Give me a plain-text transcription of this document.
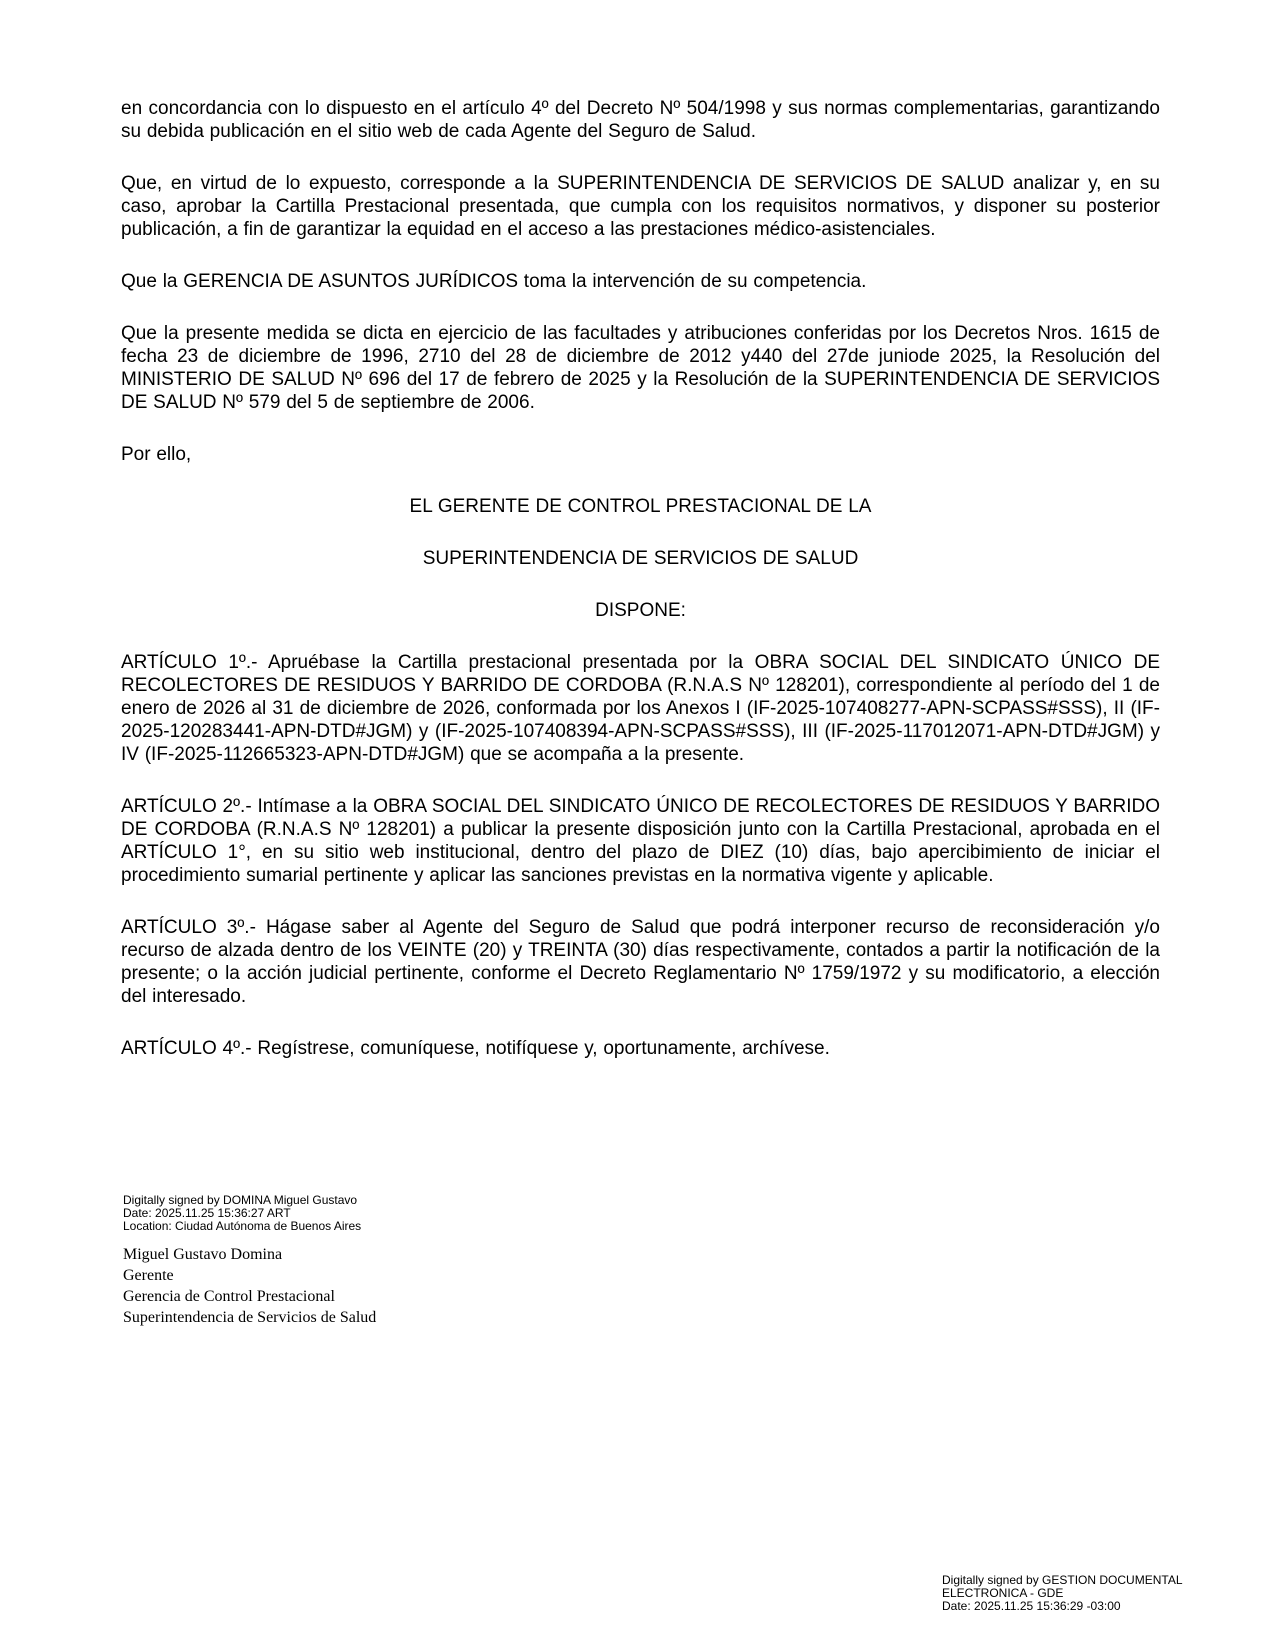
en concordancia con lo dispuesto en el artículo 4º del Decreto Nº 504/1998 y sus normas complementarias, garantizando su debida publicación en el sitio web de cada Agente del Seguro de Salud.

Que, en virtud de lo expuesto, corresponde a la SUPERINTENDENCIA DE SERVICIOS DE SALUD analizar y, en su caso, aprobar la Cartilla Prestacional presentada, que cumpla con los requisitos normativos, y disponer su posterior publicación, a fin de garantizar la equidad en el acceso a las prestaciones médico-asistenciales.

Que la GERENCIA DE ASUNTOS JURÍDICOS toma la intervención de su competencia.

Que la presente medida se dicta en ejercicio de las facultades y atribuciones conferidas por los Decretos Nros. 1615 de fecha 23 de diciembre de 1996, 2710 del 28 de diciembre de 2012 y440 del 27de juniode 2025, la Resolución del MINISTERIO DE SALUD Nº 696 del 17 de febrero de 2025 y la Resolución de la SUPERINTENDENCIA DE SERVICIOS DE SALUD Nº 579 del 5 de septiembre de 2006.

Por ello,

EL GERENTE DE CONTROL PRESTACIONAL DE LA

SUPERINTENDENCIA DE SERVICIOS DE SALUD

DISPONE:

ARTÍCULO 1º.- Apruébase la Cartilla prestacional presentada por la OBRA SOCIAL DEL SINDICATO ÚNICO DE RECOLECTORES DE RESIDUOS Y BARRIDO DE CORDOBA (R.N.A.S Nº 128201), correspondiente al período del 1 de enero de 2026 al 31 de diciembre de 2026, conformada por los Anexos I (IF-2025-107408277-APN-SCPASS#SSS), II (IF-2025-120283441-APN-DTD#JGM) y (IF-2025-107408394-APN-SCPASS#SSS), III (IF-2025-117012071-APN-DTD#JGM) y IV (IF-2025-112665323-APN-DTD#JGM) que se acompaña a la presente.

ARTÍCULO 2º.- Intímase a la OBRA SOCIAL DEL SINDICATO ÚNICO DE RECOLECTORES DE RESIDUOS Y BARRIDO DE CORDOBA (R.N.A.S Nº 128201) a publicar la presente disposición junto con la Cartilla Prestacional, aprobada en el ARTÍCULO 1°, en su sitio web institucional, dentro del plazo de DIEZ (10) días, bajo apercibimiento de iniciar el procedimiento sumarial pertinente y aplicar las sanciones previstas en la normativa vigente y aplicable.

ARTÍCULO 3º.- Hágase saber al Agente del Seguro de Salud que podrá interponer recurso de reconsideración y/o recurso de alzada dentro de los VEINTE (20) y TREINTA (30) días respectivamente, contados a partir la notificación de la presente; o la acción judicial pertinente, conforme el Decreto Reglamentario Nº 1759/1972 y su modificatorio, a elección del interesado.

ARTÍCULO 4º.- Regístrese, comuníquese, notifíquese y, oportunamente, archívese.

Digitally signed by DOMINA Miguel Gustavo
Date: 2025.11.25 15:36:27 ART
Location: Ciudad Autónoma de Buenos Aires
Miguel Gustavo Domina
Gerente
Gerencia de Control Prestacional
Superintendencia de Servicios de Salud
Digitally signed by GESTION DOCUMENTAL
ELECTRONICA - GDE
Date: 2025.11.25 15:36:29 -03:00
